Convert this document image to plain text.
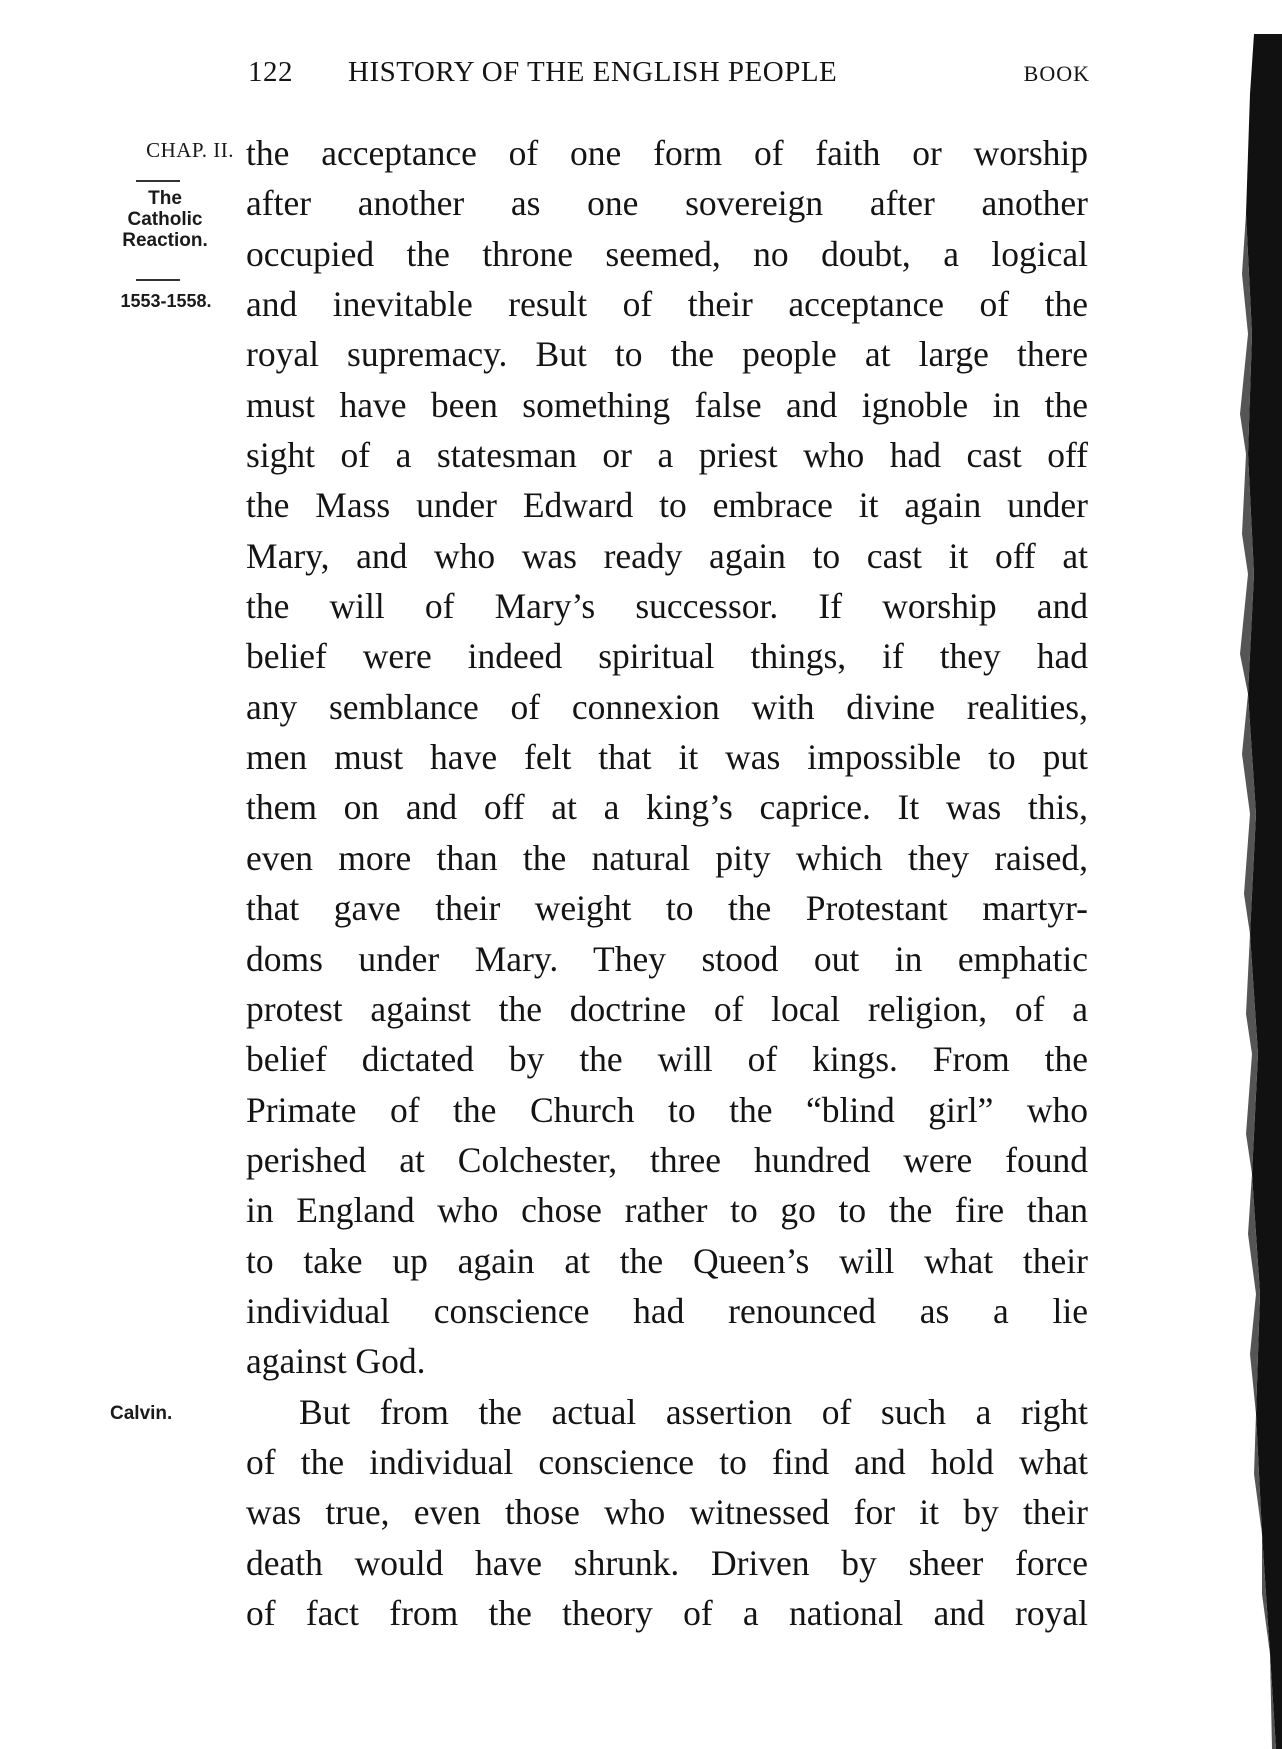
122 HISTORY OF THE ENGLISH PEOPLE	BOOK
CHAP. II.
The
Catholic
Reaction.
1553-1558.
Calvin.
the acceptance of one form of faith or worship
after another as one sovereign after another
occupied the throne seemed, no doubt, a logical
and inevitable result of their acceptance of the
royal supremacy. But to the people at large there
must have been something false and ignoble in the
sight of a statesman or a priest who had cast off
the Mass under Edward to embrace it again under
Mary, and who was ready again to cast it off at
the will of Mary’s successor. If worship and
belief were indeed spiritual things, if they had
any semblance of connexion with divine realities,
men must have felt that it was impossible to put
them on and off at a king’s caprice. It was this,
even more than the natural pity which they raised,
that gave their weight to the Protestant martyr-
doms under Mary. They stood out in emphatic
protest against the doctrine of local religion, of a
belief dictated by the will of kings. From the
Primate of the Church to the “blind girl” who
perished at Colchester, three hundred were found
in England who chose rather to go to the fire than
to take up again at the Queen’s will what their
individual conscience had renounced as a lie
against God.
But from the actual assertion of such a right
of the individual conscience to find and hold what
was true, even those who witnessed for it by their
death would have shrunk. Driven by sheer force
of fact from the theory of a national and royal
